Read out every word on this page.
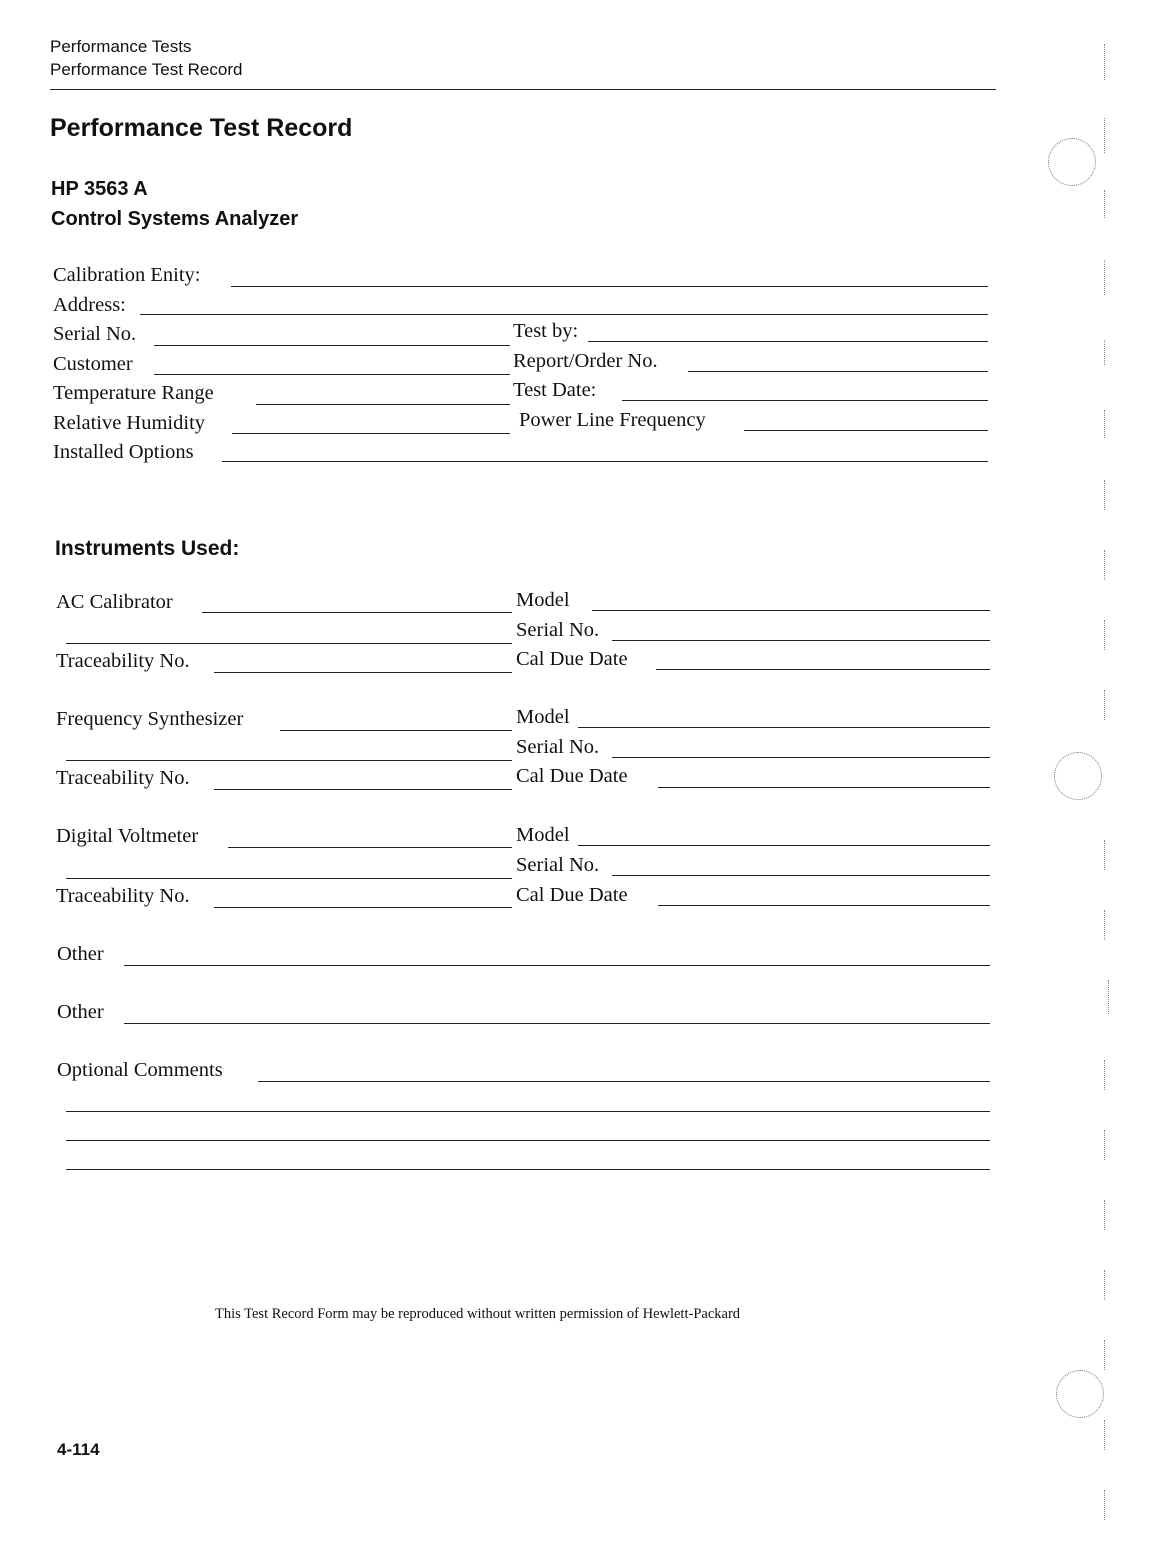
Performance Tests
Performance Test Record
Performance Test Record
HP 3563 A
Control Systems Analyzer
Calibration Enity:
Address:
Serial No.	Test by:
Customer	Report/Order No.
Temperature Range	Test Date:
Relative Humidity	Power Line Frequency
Installed Options
Instruments Used:
AC Calibrator	Model
Serial No.
Traceability No.	Cal Due Date
Frequency Synthesizer	Model
Serial No.
Traceability No.	Cal Due Date
Digital Voltmeter	Model
Serial No.
Traceability No.	Cal Due Date
Other
Other
Optional Comments
This Test Record Form may be reproduced without written permission of Hewlett-Packard
4-114
